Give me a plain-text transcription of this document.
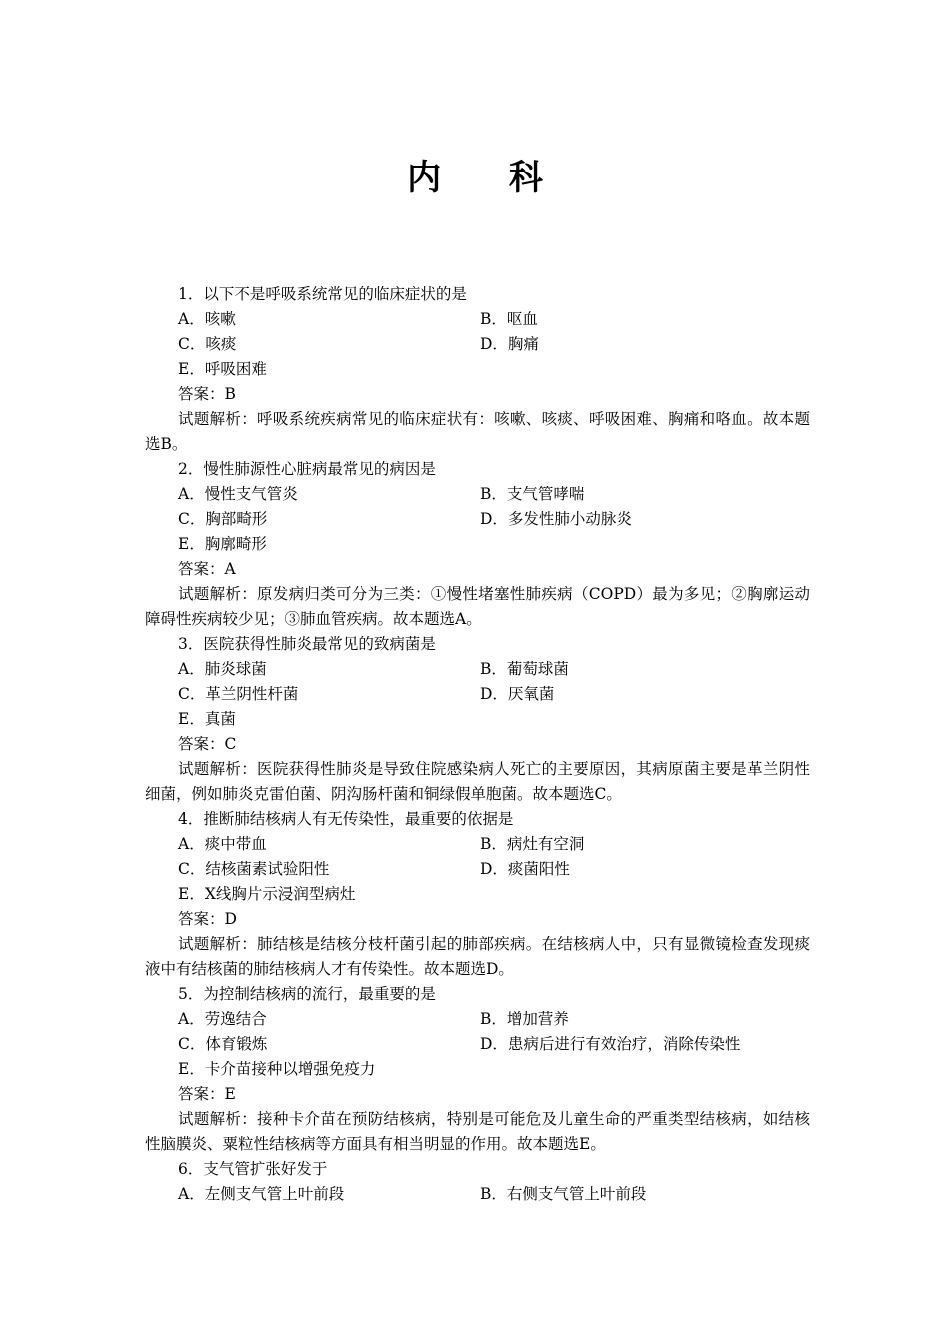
内 科
1．以下不是呼吸系统常见的临床症状的是
A．咳嗽	B．呕血
C．咳痰	D．胸痛
E．呼吸困难
答案：B
试题解析：呼吸系统疾病常见的临床症状有：咳嗽、咳痰、呼吸困难、胸痛和咯血。故本题选B。
2．慢性肺源性心脏病最常见的病因是
A．慢性支气管炎	B．支气管哮喘
C．胸部畸形	D．多发性肺小动脉炎
E．胸廓畸形
答案：A
试题解析：原发病归类可分为三类：①慢性堵塞性肺疾病（COPD）最为多见；②胸廓运动障碍性疾病较少见；③肺血管疾病。故本题选A。
3．医院获得性肺炎最常见的致病菌是
A．肺炎球菌	B．葡萄球菌
C．革兰阴性杆菌	D．厌氧菌
E．真菌
答案：C
试题解析：医院获得性肺炎是导致住院感染病人死亡的主要原因，其病原菌主要是革兰阴性细菌，例如肺炎克雷伯菌、阴沟肠杆菌和铜绿假单胞菌。故本题选C。
4．推断肺结核病人有无传染性，最重要的依据是
A．痰中带血	B．病灶有空洞
C．结核菌素试验阳性	D．痰菌阳性
E．X线胸片示浸润型病灶
答案：D
试题解析：肺结核是结核分枝杆菌引起的肺部疾病。在结核病人中，只有显微镜检查发现痰液中有结核菌的肺结核病人才有传染性。故本题选D。
5．为控制结核病的流行，最重要的是
A．劳逸结合	B．增加营养
C．体育锻炼	D．患病后进行有效治疗，消除传染性
E．卡介苗接种以增强免疫力
答案：E
试题解析：接种卡介苗在预防结核病，特别是可能危及儿童生命的严重类型结核病，如结核性脑膜炎、粟粒性结核病等方面具有相当明显的作用。故本题选E。
6．支气管扩张好发于
A．左侧支气管上叶前段	B．右侧支气管上叶前段
